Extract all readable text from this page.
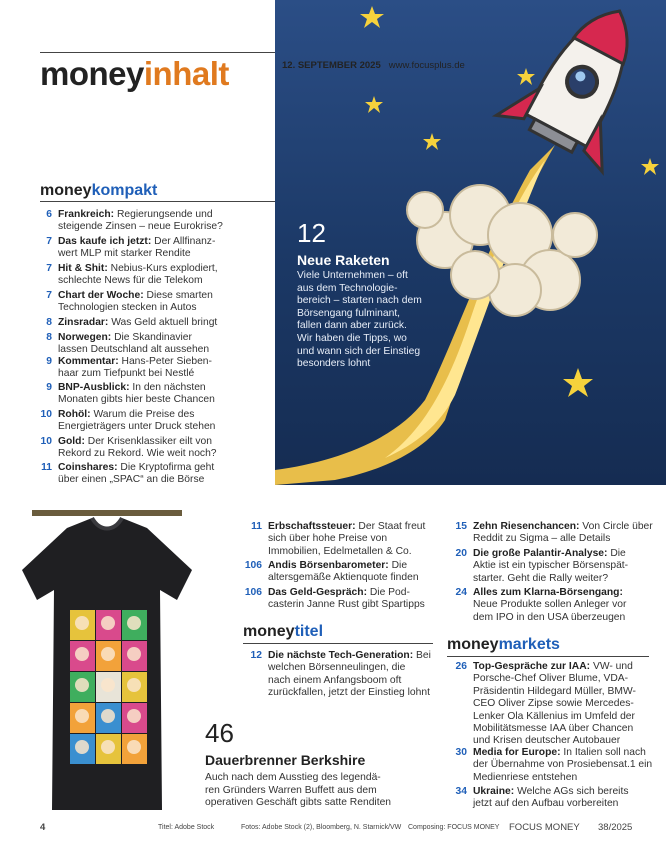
moneyinhalt
12
Neue Raketen
Viele Unternehmen – oft aus dem Technologie-bereich – starten nach dem Börsengang fulminant, fallen dann aber zurück. Wir haben die Tipps, wo und wann sich der Einstieg besonders lohnt
12. SEPTEMBER 2025 www.focusplus.de
moneykompakt
6 Frankreich: Regierungsende und
steigende Zinsen – neue Eurokrise?
7 Das kaufe ich jetzt: Der Allfinanz-
wert MLP mit starker Rendite
7 Hit & Shit: Nebius-Kurs explodiert,
schlechte News für die Telekom
7 Chart der Woche: Diese smarten
Technologien stecken in Autos
8 Zinsradar: Was Geld aktuell bringt
8 Norwegen: Die Skandinavier
lassen Deutschland alt aussehen
9 Kommentar: Hans-Peter Sieben-
haar zum Tiefpunkt bei Nestlé
9 BNP-Ausblick: In den nächsten
Monaten gibts hier beste Chancen
10 Rohöl: Warum die Preise des
Energieträgers unter Druck stehen
10 Gold: Der Krisenklassiker eilt von
Rekord zu Rekord. Wie weit noch?
11 Coinshares: Die Kryptofirma geht
über einen „SPAC“ an die Börse
11 Erbschaftssteuer: Der Staat freut
sich über hohe Preise von
Immobilien, Edelmetallen & Co.
106 Andis Börsenbarometer: Die
altersgemäße Aktienquote finden
106 Das Geld-Gespräch: Die Pod-
casterin Janne Rust gibt Spartipps
moneytitel
12 Die nächste Tech-Generation: Bei
welchen Börsenneulingen, die
nach einem Anfangsboom oft
zurückfallen, jetzt der Einstieg lohnt
46
Dauerbrenner Berkshire
Auch nach dem Ausstieg des legendä-ren Gründers Warren Buffett aus dem operativen Geschäft gibts satte Renditen
15 Zehn Riesenchancen: Von Circle über
Reddit zu Sigma – alle Details
20 Die große Palantir-Analyse: Die
Aktie ist ein typischer Börsenspät-
starter. Geht die Rally weiter?
24 Alles zum Klarna-Börsengang:
Neue Produkte sollen Anleger vor
dem IPO in den USA überzeugen
moneymarkets
26 Top-Gespräche zur IAA: VW- und
Porsche-Chef Oliver Blume, VDA-
Präsidentin Hildegard Müller, BMW-
CEO Oliver Zipse sowie Mercedes-
Lenker Ola Källenius im Umfeld der
Mobilitätsmesse IAA über Chancen
und Krisen deutscher Autobauer
30 Media for Europe: In Italien soll nach
der Übernahme von Prosiebensat.1 ein
Medienriese entstehen
34 Ukraine: Welche AGs sich bereits
jetzt auf den Aufbau vorbereiten
4	Titel: Adobe Stock	Fotos: Adobe Stock (2), Bloomberg, N. Starnick/VW Composing: FOCUS MONEY FOCUS MONEY 38/2025
